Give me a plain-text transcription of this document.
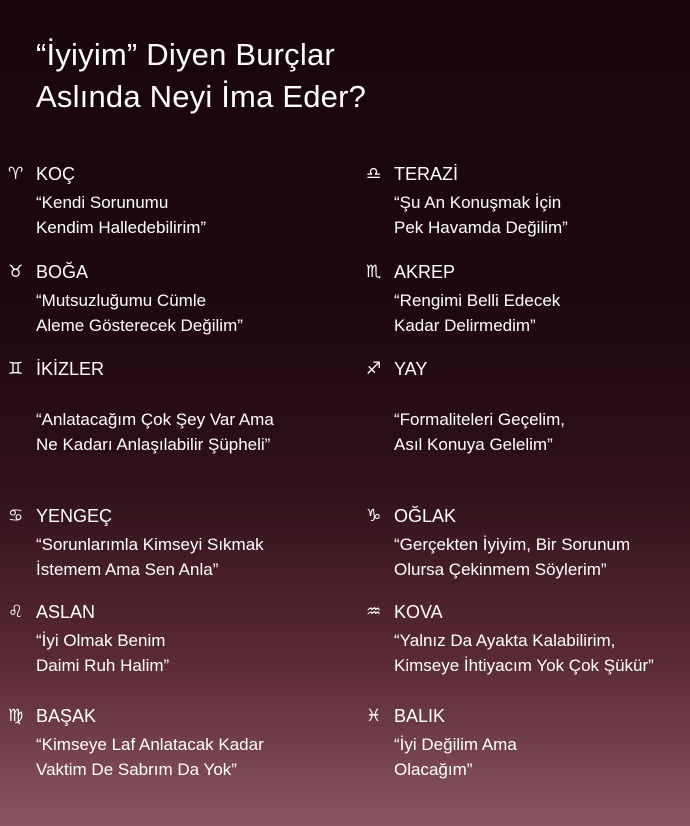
“İyiyim” Diyen Burçlar
Aslında Neyi İma Eder?
♈ KOÇ
“Kendi Sorunumu
Kendim Halledebilirim”
♎ TERAZİ
“Şu An Konuşmak İçin
Pek Havamda Değilim”
♉ BOĞA
“Mutsuzluğumu Cümle
Aleme Gösterecek Değilim”
♏ AKREP
“Rengimi Belli Edecek
Kadar Delirmedim”
♊ İKİZLER
“Anlatacağım Çok Şey Var Ama
Ne Kadarı Anlaşılabilir Şüpheli”
♐ YAY
“Formaliteleri Geçelim,
Asıl Konuya Gelelim”
♋ YENGEÇ
“Sorunlarımla Kimseyi Sıkmak
İstemem Ama Sen Anla”
♑ OĞLAK
“Gerçekten İyiyim, Bir Sorunum
Olursa Çekinmem Söylerim”
♌ ASLAN
“İyi Olmak Benim
Daimi Ruh Halim”
♒ KOVA
“Yalnız Da Ayakta Kalabilirim,
Kimseye İhtiyacım Yok Çok Şükür”
♍ BAŞAK
“Kimseye Laf Anlatacak Kadar
Vaktim De Sabrım Da Yok”
♓ BALIK
“İyi Değilim Ama
Olacağım”
